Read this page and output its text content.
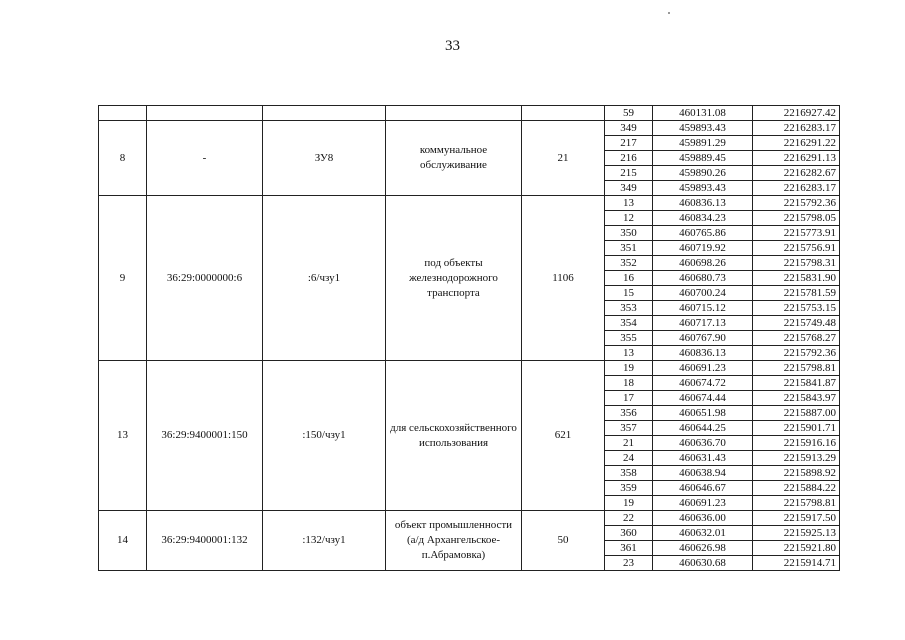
33
					59	460131.08	2216927.42
8	-	ЗУ8	коммунальное обслуживание	21	349	459893.43	2216283.17
					217	459891.29	2216291.22
					216	459889.45	2216291.13
					215	459890.26	2216282.67
					349	459893.43	2216283.17
9	36:29:0000000:6	:6/чзу1	под объекты железнодорожного транспорта	1106	13	460836.13	2215792.36
					12	460834.23	2215798.05
					350	460765.86	2215773.91
					351	460719.92	2215756.91
					352	460698.26	2215798.31
					16	460680.73	2215831.90
					15	460700.24	2215781.59
					353	460715.12	2215753.15
					354	460717.13	2215749.48
					355	460767.90	2215768.27
					13	460836.13	2215792.36
13	36:29:9400001:150	:150/чзу1	для сельскохозяйственного использования	621	19	460691.23	2215798.81
					18	460674.72	2215841.87
					17	460674.44	2215843.97
					356	460651.98	2215887.00
					357	460644.25	2215901.71
					21	460636.70	2215916.16
					24	460631.43	2215913.29
					358	460638.94	2215898.92
					359	460646.67	2215884.22
					19	460691.23	2215798.81
14	36:29:9400001:132	:132/чзу1	объект промышленности (а/д Архангельское-п.Абрамовка)	50	22	460636.00	2215917.50
					360	460632.01	2215925.13
					361	460626.98	2215921.80
					23	460630.68	2215914.71
